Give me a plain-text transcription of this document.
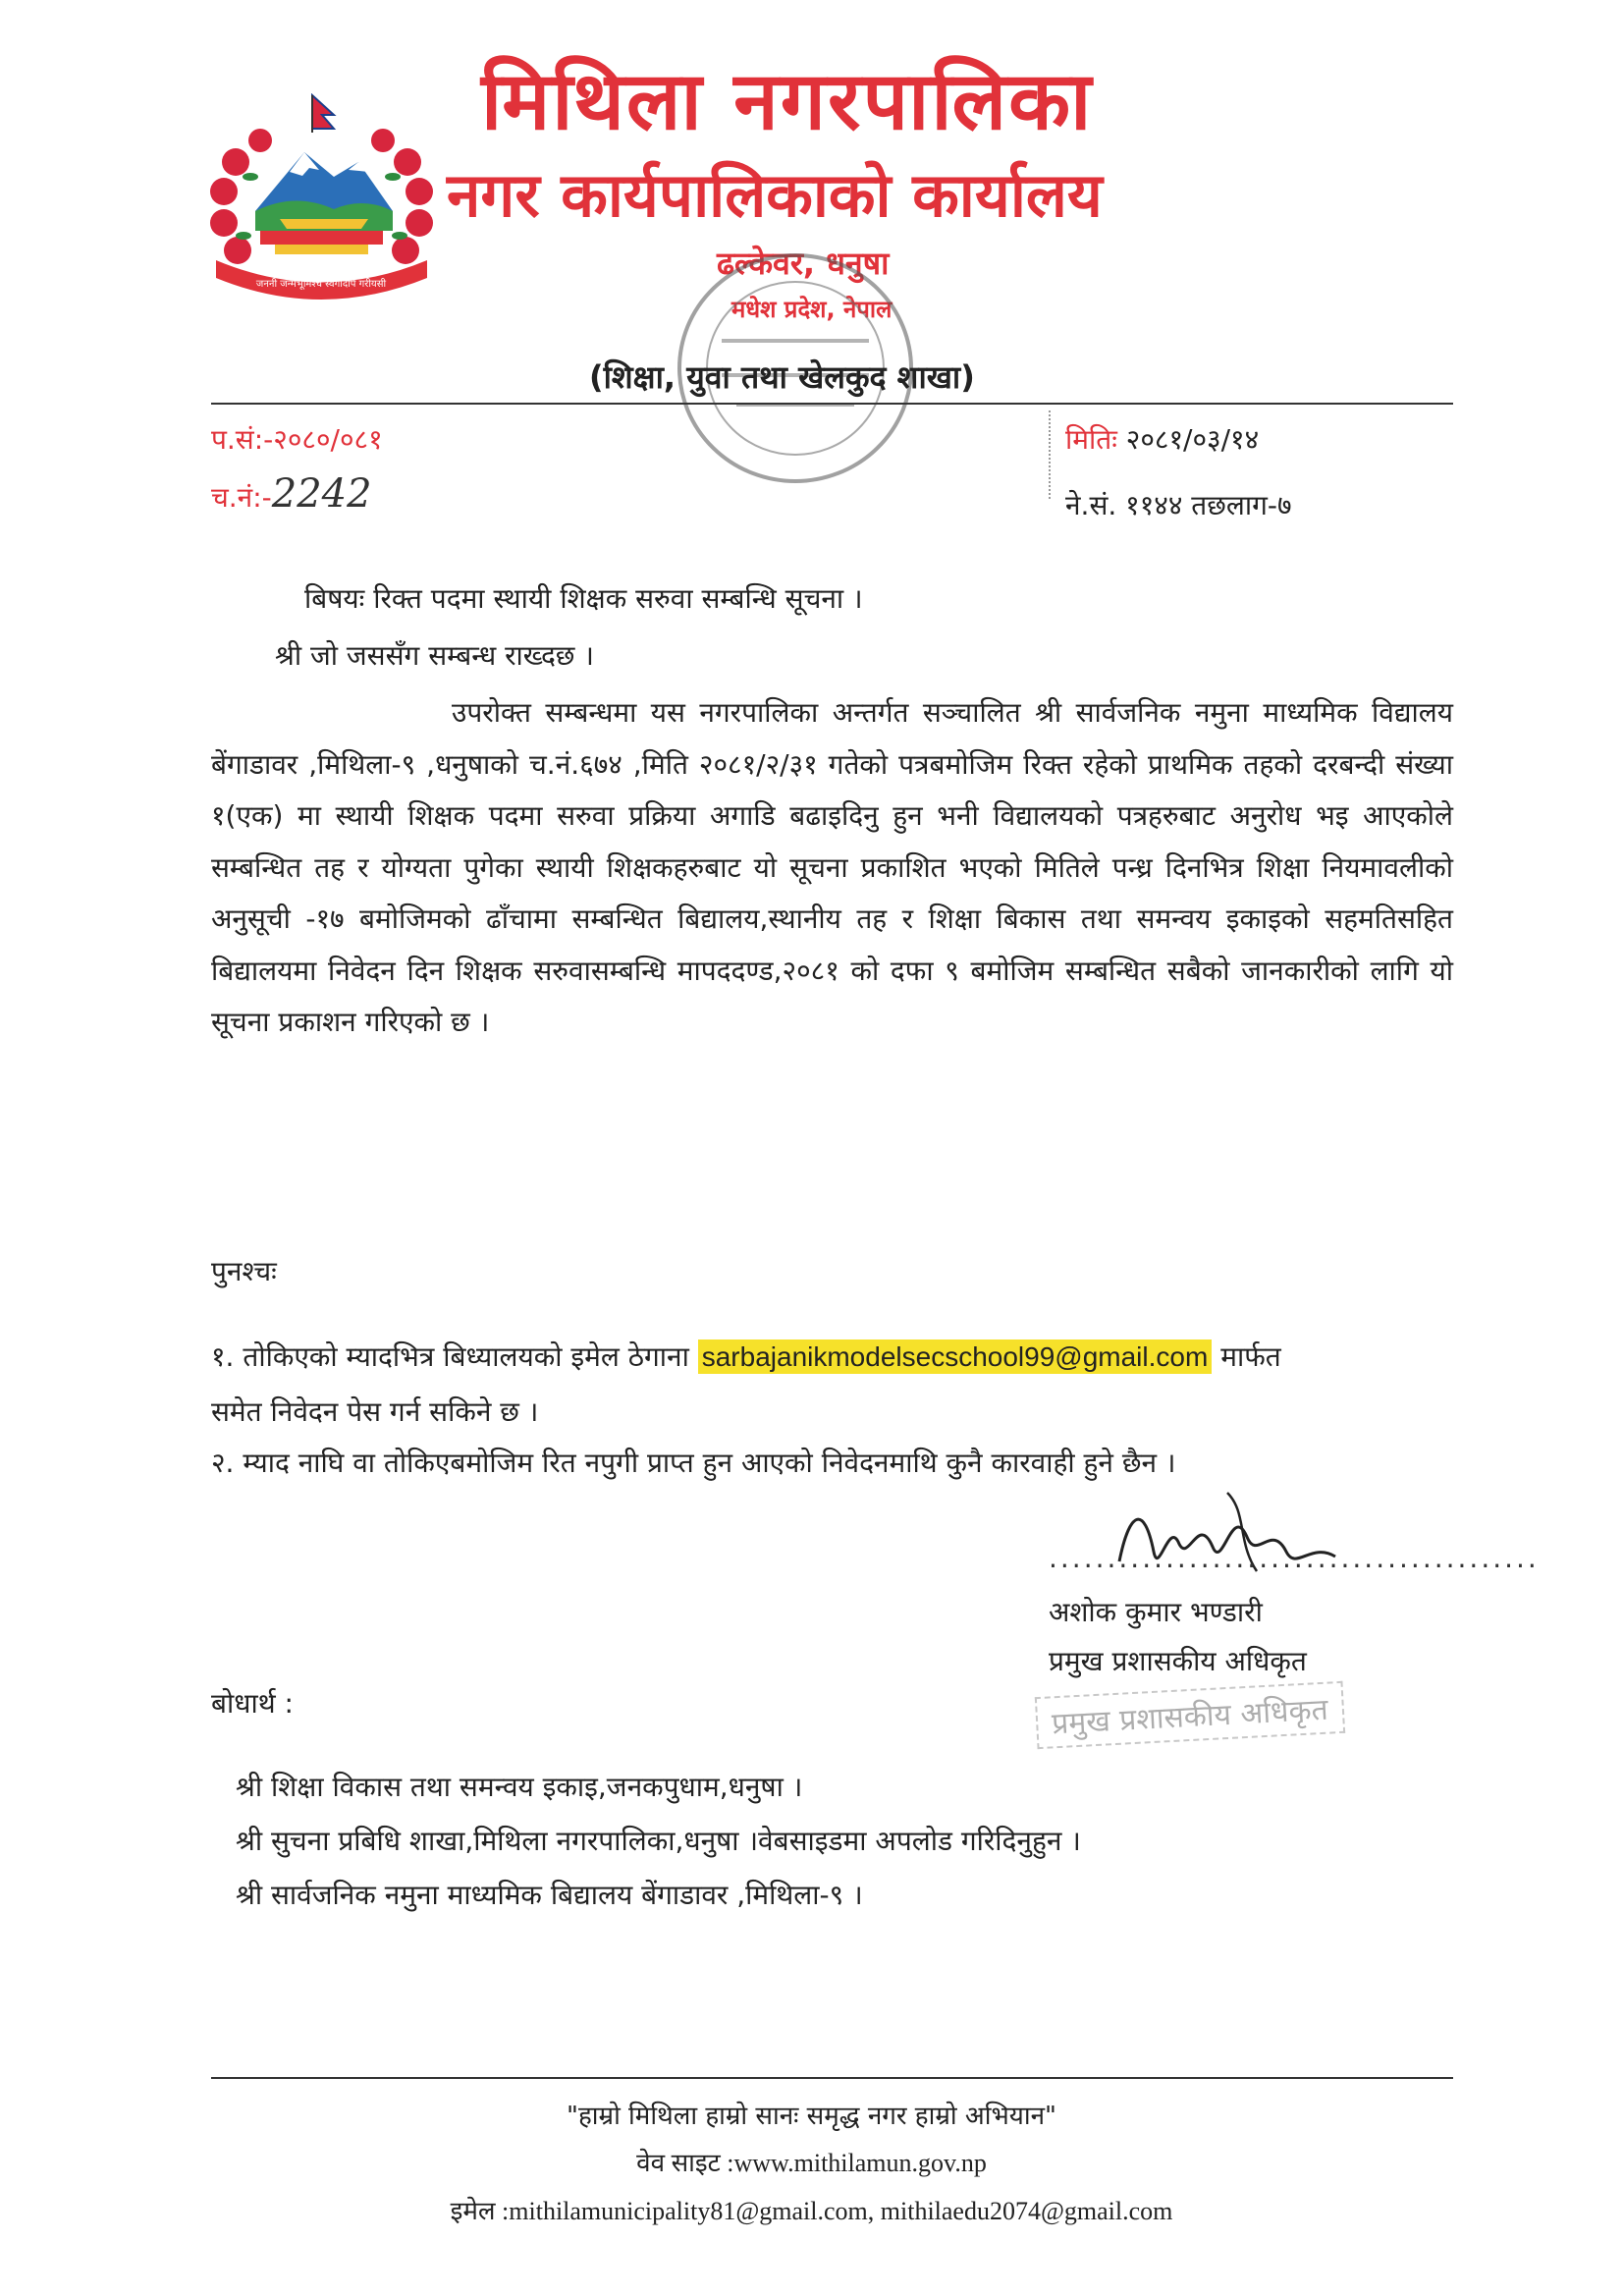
जननी जन्मभूमिश्च स्वर्गादपि गरीयसी
मिथिला नगरपालिका
नगर कार्यपालिकाको कार्यालय
ढल्केवर, धनुषा
मधेश प्रदेश, नेपाल
(शिक्षा, युवा तथा खेलकुद शाखा)
प.सं:-२०८०/०८१
च.नं:-2242
मितिः २०८१/०३/१४
ने.सं. ११४४ तछलाग-७
बिषयः रिक्त पदमा स्थायी शिक्षक सरुवा सम्बन्धि सूचना ।
श्री जो जससँग सम्बन्ध राख्दछ ।
उपरोक्त सम्बन्धमा यस नगरपालिका अन्तर्गत सञ्चालित श्री सार्वजनिक नमुना माध्यमिक विद्यालय बेंगाडावर ,मिथिला-९ ,धनुषाको च.नं.६७४ ,मिति २०८१/२/३१ गतेको पत्रबमोजिम रिक्त रहेको प्राथमिक तहको दरबन्दी संख्या १(एक) मा स्थायी शिक्षक पदमा सरुवा प्रक्रिया अगाडि बढाइदिनु हुन भनी विद्यालयको पत्रहरुबाट अनुरोध भइ आएकोले सम्बन्धित तह र योग्यता पुगेका स्थायी शिक्षकहरुबाट यो सूचना प्रकाशित भएको मितिले पन्ध्र दिनभित्र शिक्षा नियमावलीको अनुसूची -१७ बमोजिमको ढाँचामा सम्बन्धित बिद्यालय,स्थानीय तह र शिक्षा बिकास तथा समन्वय इकाइको सहमतिसहित बिद्यालयमा निवेदन दिन शिक्षक सरुवासम्बन्धि मापददण्ड,२०८१ को दफा ९ बमोजिम सम्बन्धित सबैको जानकारीको लागि यो सूचना प्रकाशन गरिएको छ ।
पुनश्चः
१. तोकिएको म्यादभित्र बिध्यालयको इमेल ठेगाना sarbajanikmodelsecschool99@gmail.com मार्फत
समेत निवेदन पेस गर्न सकिने छ ।
२. म्याद नाघि वा तोकिएबमोजिम रित नपुगी प्राप्त हुन आएको निवेदनमाथि कुनै कारवाही हुने छैन ।
..........................................
अशोक कुमार भण्डारी
प्रमुख प्रशासकीय अधिकृत
प्रमुख प्रशासकीय अधिकृत
बोधार्थ :
श्री शिक्षा विकास तथा समन्वय इकाइ,जनकपुधाम,धनुषा ।
श्री सुचना प्रबिधि शाखा,मिथिला नगरपालिका,धनुषा ।वेबसाइडमा अपलोड गरिदिनुहुन ।
श्री सार्वजनिक नमुना माध्यमिक बिद्यालय बेंगाडावर ,मिथिला-९ ।
"हाम्रो मिथिला हाम्रो सानः समृद्ध नगर हाम्रो अभियान"
वेव साइट :www.mithilamun.gov.np
इमेल :mithilamunicipality81@gmail.com, mithilaedu2074@gmail.com
